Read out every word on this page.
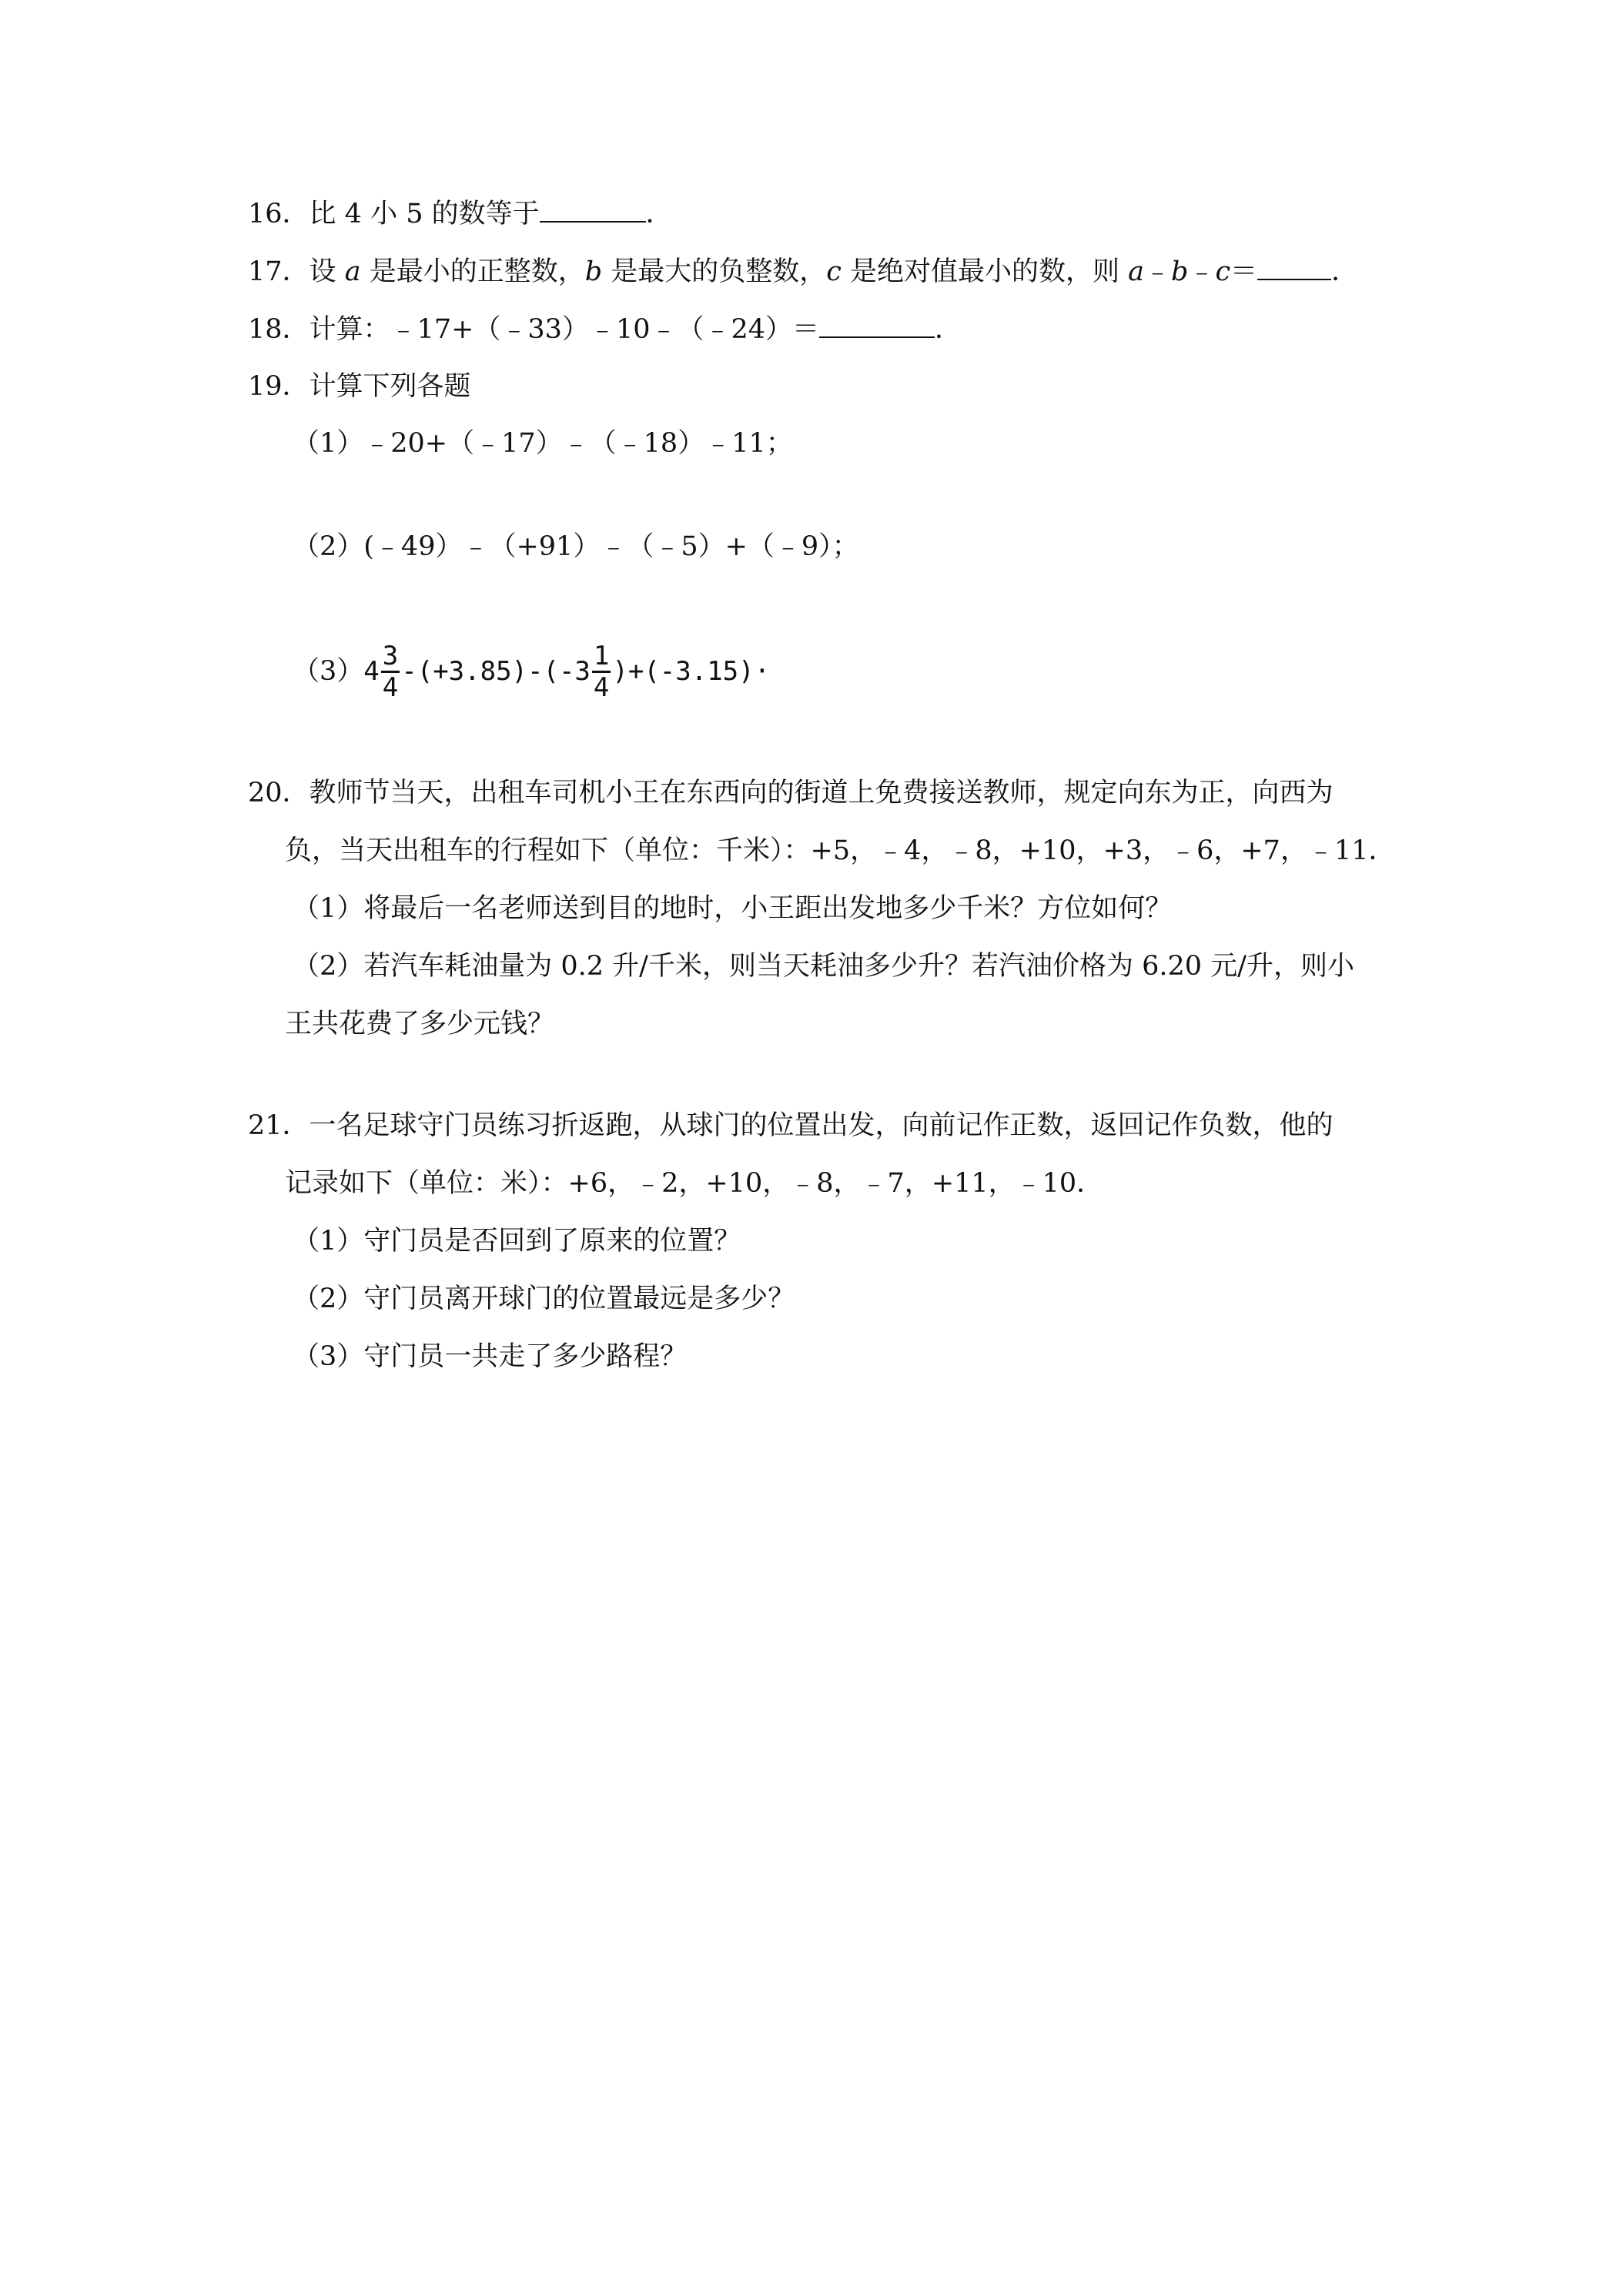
16．比 4 小 5 的数等于	．
17．设 a 是最小的正整数，b 是最大的负整数，c 是绝对值最小的数，则 a﹣b﹣c＝	．
18．计算：﹣17+（﹣33）﹣10﹣（﹣24）＝	．
19．计算下列各题
（1）﹣20+（﹣17）﹣（﹣18）﹣11；
（2）(﹣49）﹣（+91）﹣（﹣5）+（﹣9）；
（3） $4 \frac{3}{4} -(+3.85)-(-3 \frac{1}{4} )+(-3.15)\cdot$
20．教师节当天，出租车司机小王在东西向的街道上免费接送教师，规定向东为正，向西为
负，当天出租车的行程如下（单位：千米）：+5，﹣4，﹣8，+10，+3，﹣6，+7，﹣11．
（1）将最后一名老师送到目的地时，小王距出发地多少千米？方位如何？
（2）若汽车耗油量为 0.2 升/千米，则当天耗油多少升？若汽油价格为 6.20 元/升，则小
王共花费了多少元钱？
21．一名足球守门员练习折返跑，从球门的位置出发，向前记作正数，返回记作负数，他的
记录如下（单位：米）：+6，﹣2，+10，﹣8，﹣7，+11，﹣10．
（1）守门员是否回到了原来的位置？
（2）守门员离开球门的位置最远是多少？
（3）守门员一共走了多少路程？
